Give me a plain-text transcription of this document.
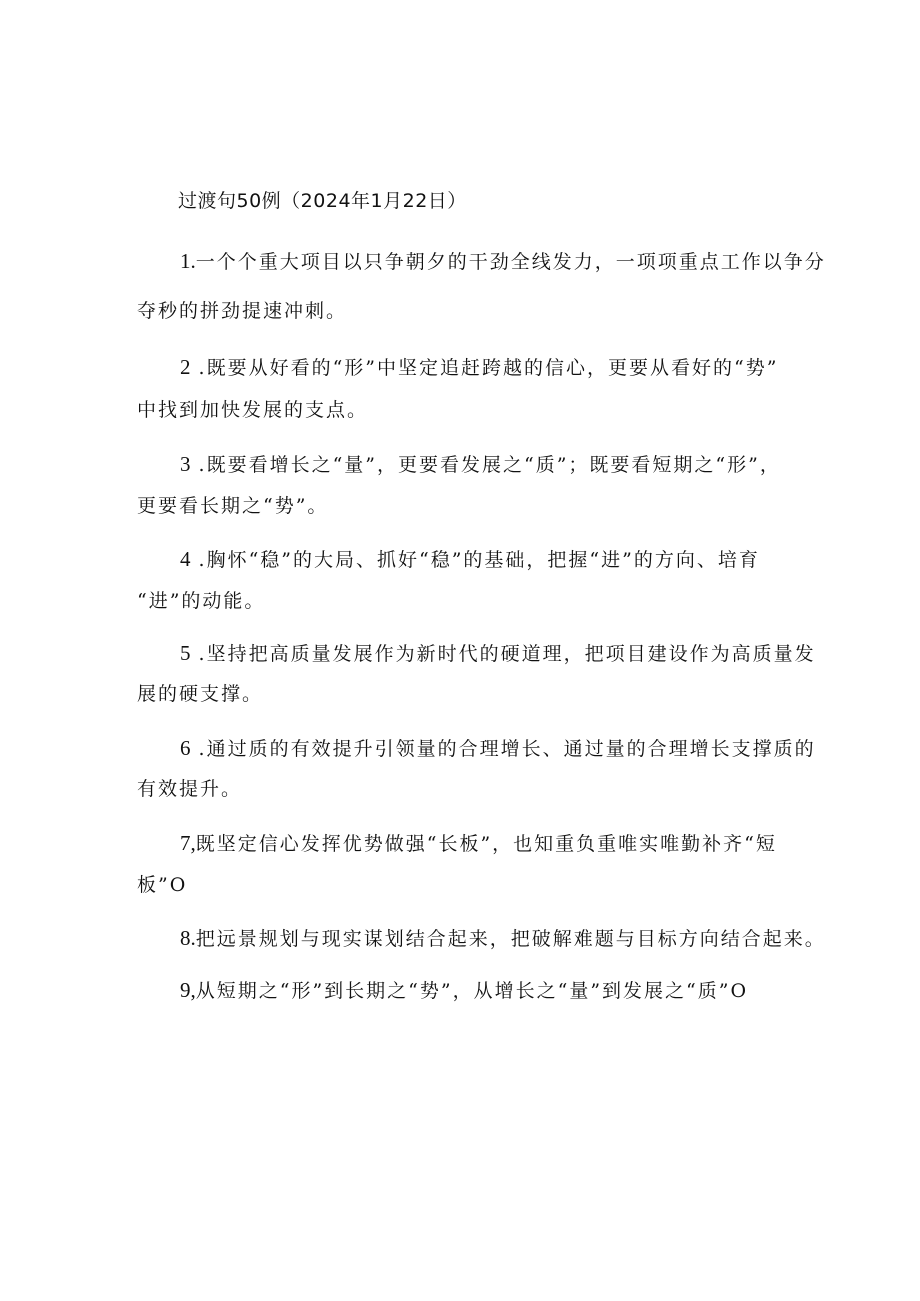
过渡句50例（2024年1月22日）
1.一个个重大项目以只争朝夕的干劲全线发力，一项项重点工作以争分
夺秒的拼劲提速冲刺。
2 .既要从好看的“形”中坚定追赶跨越的信心，更要从看好的“势”
中找到加快发展的支点。
3 .既要看增长之“量”，更要看发展之“质”；既要看短期之“形”，
更要看长期之“势”。
4 .胸怀“稳”的大局、抓好“稳”的基础，把握“进”的方向、培育
“进”的动能。
5 .坚持把高质量发展作为新时代的硬道理，把项目建设作为高质量发
展的硬支撑。
6 .通过质的有效提升引领量的合理增长、通过量的合理增长支撑质的
有效提升。
7,既坚定信心发挥优势做强“长板”，也知重负重唯实唯勤补齐“短
板”O
8.把远景规划与现实谋划结合起来，把破解难题与目标方向结合起来。
9,从短期之“形”到长期之“势”，从增长之“量”到发展之“质”O
